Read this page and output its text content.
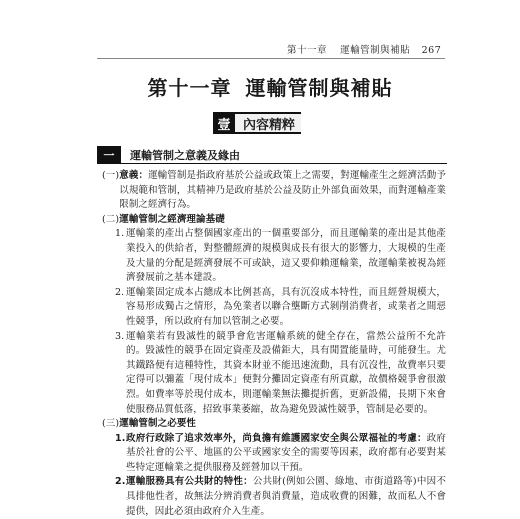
第十一章 運輸管制與補貼 267
第十一章 運輸管制與補貼
壹 內容精粹
一	運輸管制之意義及緣由
(一) 意義：運輸管制是指政府基於公益或政策上之需要，對運輸產生之經濟活動予以規範和管制，其精神乃是政府基於公益及防止外部負面效果，而對運輸產業限制之經濟行為。
(二) 運輸管制之經濟理論基礎
1. 運輸業的產出占整個國家產出的一個重要部分，而且運輸業的產出是其他產業投入的供給者，對整體經濟的規模與成長有很大的影響力，大規模的生產及大量的分配是經濟發展不可或缺，這又要仰賴運輸業，故運輸業被視為經濟發展前之基本建設。
2. 運輸業固定成本占總成本比例甚高，具有沉沒成本特性，而且經營規模大，容易形成獨占之情形，為免業者以聯合壟斷方式剝削消費者，或業者之間惡性競爭，所以政府有加以管制之必要。
3. 運輸業若有毀滅性的競爭會危害運輸系統的健全存在，當然公益所不允許的。毀滅性的競爭在固定資產及設備鉅大，具有閒置能量時，可能發生。尤其鐵路便有這種特性，其資本財並不能迅速流動，具有沉沒性，故費率只要定得可以彌蓋「現付成本」便對分攤固定資產有所貢獻，故價格競爭會很激烈。如費率等於現付成本，則運輸業無法攤提折舊，更新設備，長期下來會使服務品質低落，招致事業萎縮，故為避免毀滅性競爭，管制是必要的。
(三) 運輸管制之必要性
1. 政府行政除了追求效率外，尚負擔有維護國家安全與公眾福祉的考慮：政府基於社會的公平、地區的公平或國家安全的需要等因素，政府都有必要對某些特定運輸業之提供服務及經營加以干預。
2. 運輸服務具有公共財的特性：公共財(例如公園、綠地、市街道路等)中因不具排他性者，故無法分辨消費者與消費量，造成收費的困難，故而私人不會提供，因此必須由政府介入生產。
